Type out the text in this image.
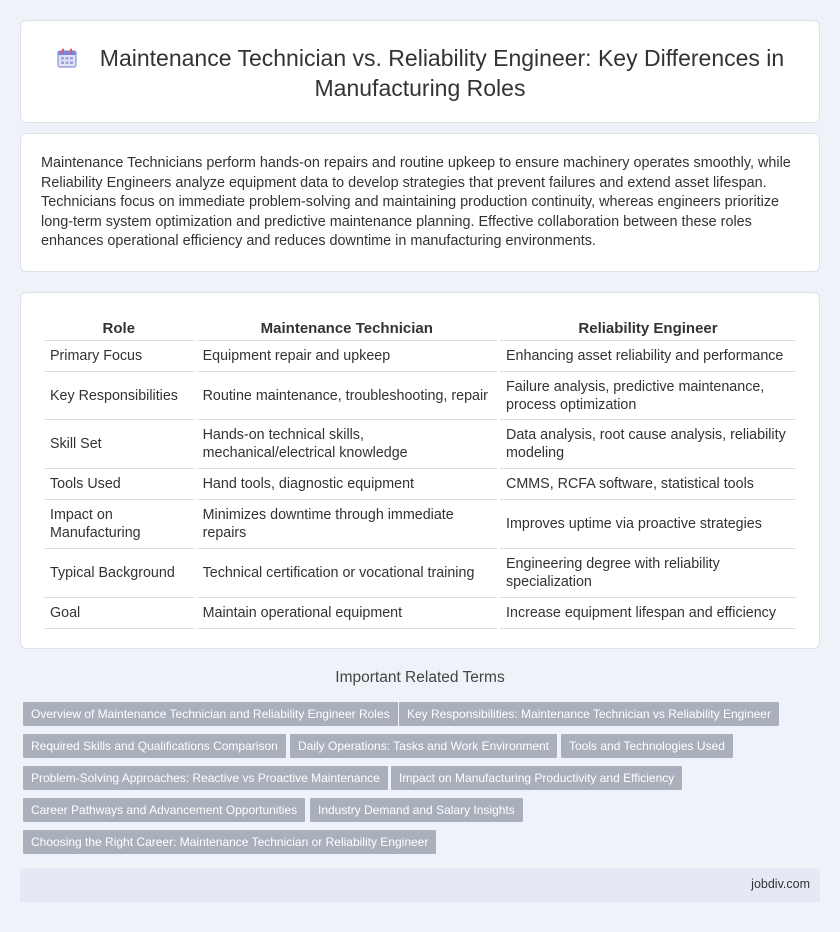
Maintenance Technician vs. Reliability Engineer: Key Differences in Manufacturing Roles

Maintenance Technicians perform hands-on repairs and routine upkeep to ensure machinery operates smoothly, while Reliability Engineers analyze equipment data to develop strategies that prevent failures and extend asset lifespan. Technicians focus on immediate problem-solving and maintaining production continuity, whereas engineers prioritize long-term system optimization and predictive maintenance planning. Effective collaboration between these roles enhances operational efficiency and reduces downtime in manufacturing environments.

Role	Maintenance Technician	Reliability Engineer
Primary Focus	Equipment repair and upkeep	Enhancing asset reliability and performance
Key Responsibilities	Routine maintenance, troubleshooting, repair	Failure analysis, predictive maintenance, process optimization
Skill Set	Hands-on technical skills, mechanical/electrical knowledge	Data analysis, root cause analysis, reliability modeling
Tools Used	Hand tools, diagnostic equipment	CMMS, RCFA software, statistical tools
Impact on Manufacturing	Minimizes downtime through immediate repairs	Improves uptime via proactive strategies
Typical Background	Technical certification or vocational training	Engineering degree with reliability specialization
Goal	Maintain operational equipment	Increase equipment lifespan and efficiency
Important Related Terms
Overview of Maintenance Technician and Reliability Engineer Roles	Key Responsibilities: Maintenance Technician vs Reliability Engineer
Required Skills and Qualifications Comparison	Daily Operations: Tasks and Work Environment	Tools and Technologies Used
Problem-Solving Approaches: Reactive vs Proactive Maintenance	Impact on Manufacturing Productivity and Efficiency
Career Pathways and Advancement Opportunities	Industry Demand and Salary Insights
Choosing the Right Career: Maintenance Technician or Reliability Engineer
jobdiv.com
